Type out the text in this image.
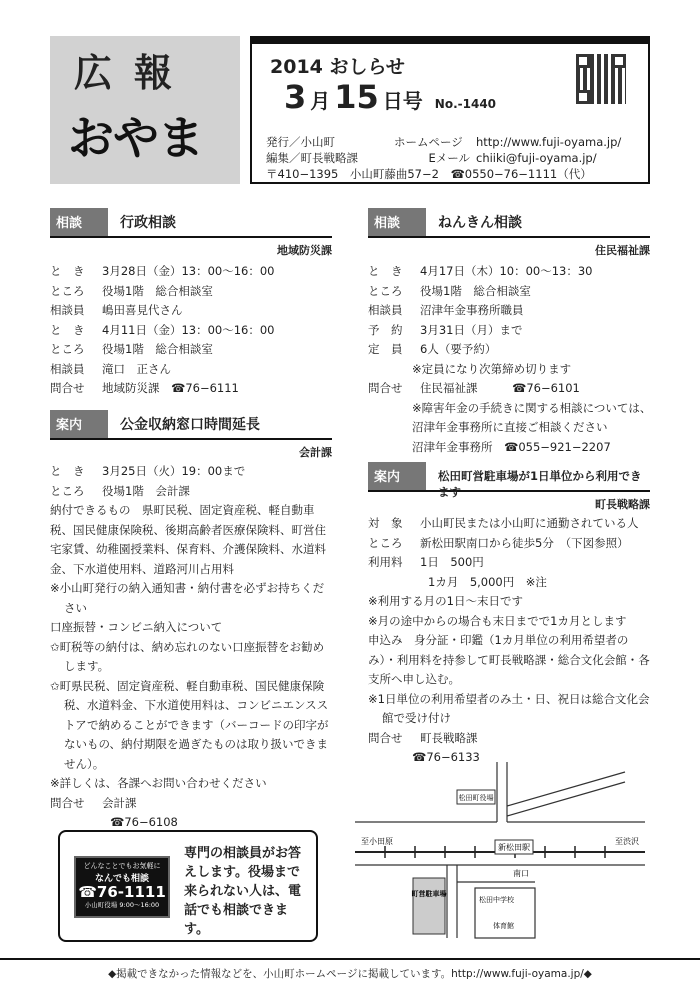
広報
おやま
2014 おしらせ
3 月 15 日号 No.-1440
発行／小山町	ホームページ http://www.fuji-oyama.jp/
編集／町長戦略課	Eメール chiiki@fuji-oyama.jp/
〒410−1395　小山町藤曲57−2　 ☎0550−76−1111（代）
相談	行政相談
地域防災課
と　き 3月28日（金）13：00〜16：00
ところ 役場1階　総合相談室
相談員 嶋田喜見代さん
と　き 4月11日（金）13：00〜16：00
ところ 役場1階　総合相談室
相談員 滝口　正さん
問合せ 地域防災課　☎76−6111
案内	公金収納窓口時間延長
会計課
と　き 3月25日（火）19：00まで
ところ 役場1階　会計課
納付できるもの　県町民税、固定資産税、軽自動車税、国民健康保険税、後期高齢者医療保険料、町営住宅家賃、幼稚園授業料、保育料、介護保険料、水道料金、下水道使用料、道路河川占用料
※小山町発行の納入通知書・納付書を必ずお持ちください
口座振替・コンビニ納入について
✩町税等の納付は、納め忘れのない口座振替をお勧めします。
✩町県民税、固定資産税、軽自動車税、国民健康保険税、水道料金、下水道使用料は、コンビニエンスストアで納めることができます（バーコードの印字がないもの、納付期限を過ぎたものは取り扱いできません）。
※詳しくは、各課へお問い合わせください
問合せ 会計課
☎76−6108
相談	ねんきん相談
住民福祉課
と　き 4月17日（木）10：00〜13：30
ところ 役場1階　総合相談室
相談員 沼津年金事務所職員
予　約 3月31日（月）まで
定　員 6人（要予約）
※定員になり次第締め切ります
問合せ 住民福祉課　　　☎76−6101
※障害年金の手続きに関する相談については、
沼津年金事務所に直接ご相談ください
沼津年金事務所　☎055−921−2207
案内	松田町営駐車場が1日単位から利用できます
町長戦略課
対　象 小山町民または小山町に通勤されている人
ところ 新松田駅南口から徒歩5分　（下図参照）
利用料 1日　500円
1カ月　5,000円　※注
※利用する月の1日〜末日です
※月の途中からの場合も末日までで1カ月とします
申込み　身分証・印鑑（1カ月単位の利用希望者のみ）・利用料を持参して町長戦略課・総合文化会館・各支所へ申し込む。
※1日単位の利用希望者のみ土・日、祝日は総合文化会館で受け付け
問合せ 町長戦略課
☎76−6133
松田町役場
至小田原	至渋沢
新松田駅
南口
町営駐車場
松田中学校
体育館
どんなことでもお気軽に
なんでも相談
☎76-1111
小山町役場 9:00〜16:00
専門の相談員がお答えします。役場まで来られない人は、電話でも相談できます。
◆掲載できなかった情報などを、小山町ホームページに掲載しています。http://www.fuji-oyama.jp/◆
